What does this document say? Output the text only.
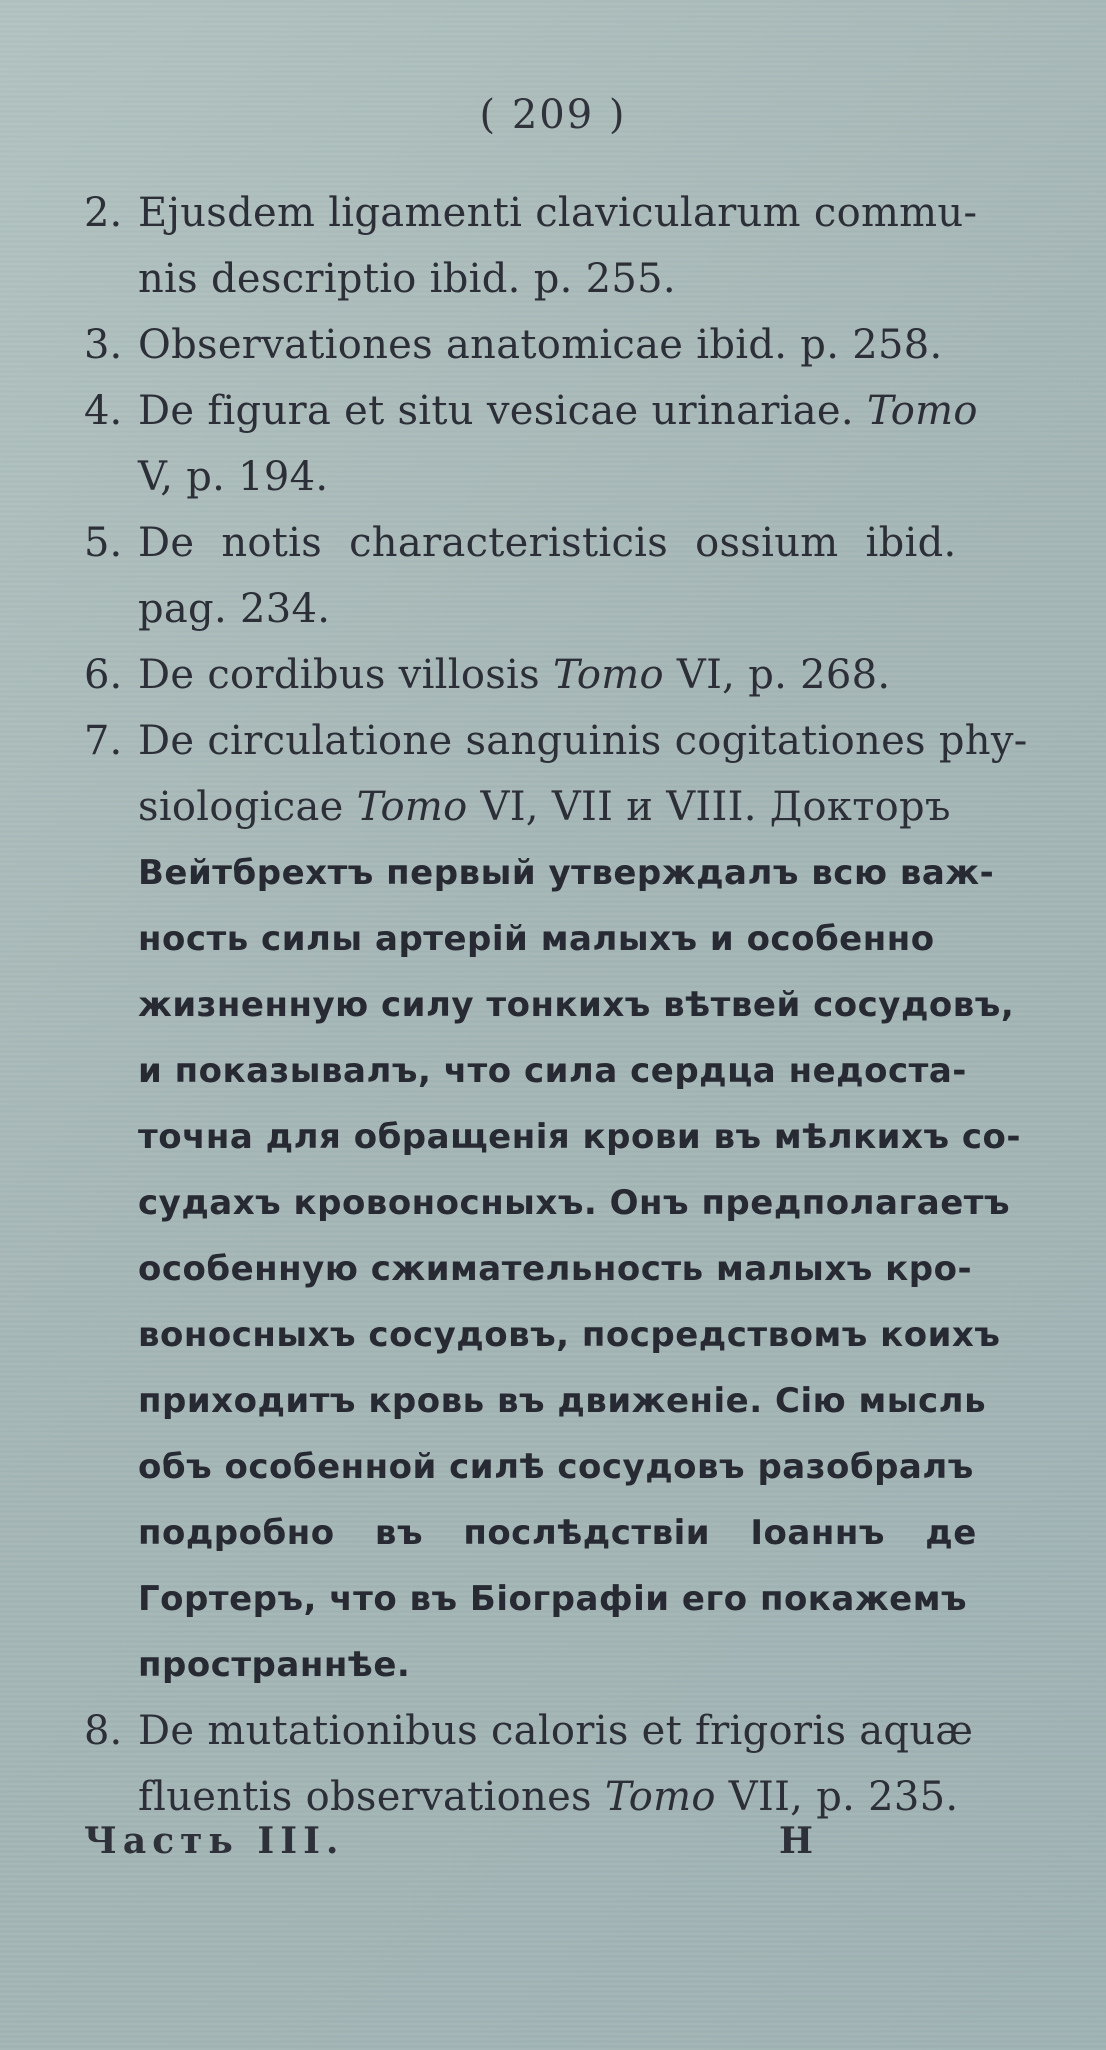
( 209 )
2. Ejusdem ligamenti clavicularum commu-
nis descriptio ibid. p. 255.
3. Observationes anatomicae ibid. p. 258.
4. De figura et situ vesicae urinariae. Tomo
V, p. 194.
5. De notis characteristicis ossium ibid.
pag. 234.
6. De cordibus villosis Tomo VI, p. 268.
7. De circulatione sanguinis cogitationes phy-
siologicae Tomo VI, VII и VIII. Докторъ
Вейтбрехтъ первый утверждалъ всю важ-
ность силы артерій малыхъ и особенно
жизненную силу тонкихъ вѣтвей сосудовъ,
и показывалъ, что сила сердца недоста-
точна для обращенія крови въ мѣлкихъ со-
судахъ кровоносныхъ. Онъ предполагаетъ
особенную сжимательность малыхъ кро-
воносныхъ сосудовъ, посредствомъ коихъ
приходитъ кровь въ движеніе. Сію мысль
объ особенной силѣ сосудовъ разобралъ
подробно въ послѣдствіи Іоаннъ де
Гортеръ, что въ Біографіи его покажемъ
пространнѣе.
8. De mutationibus caloris et frigoris aquæ
fluentis observationes Tomo VII, p. 235.
Часть III.	Н
